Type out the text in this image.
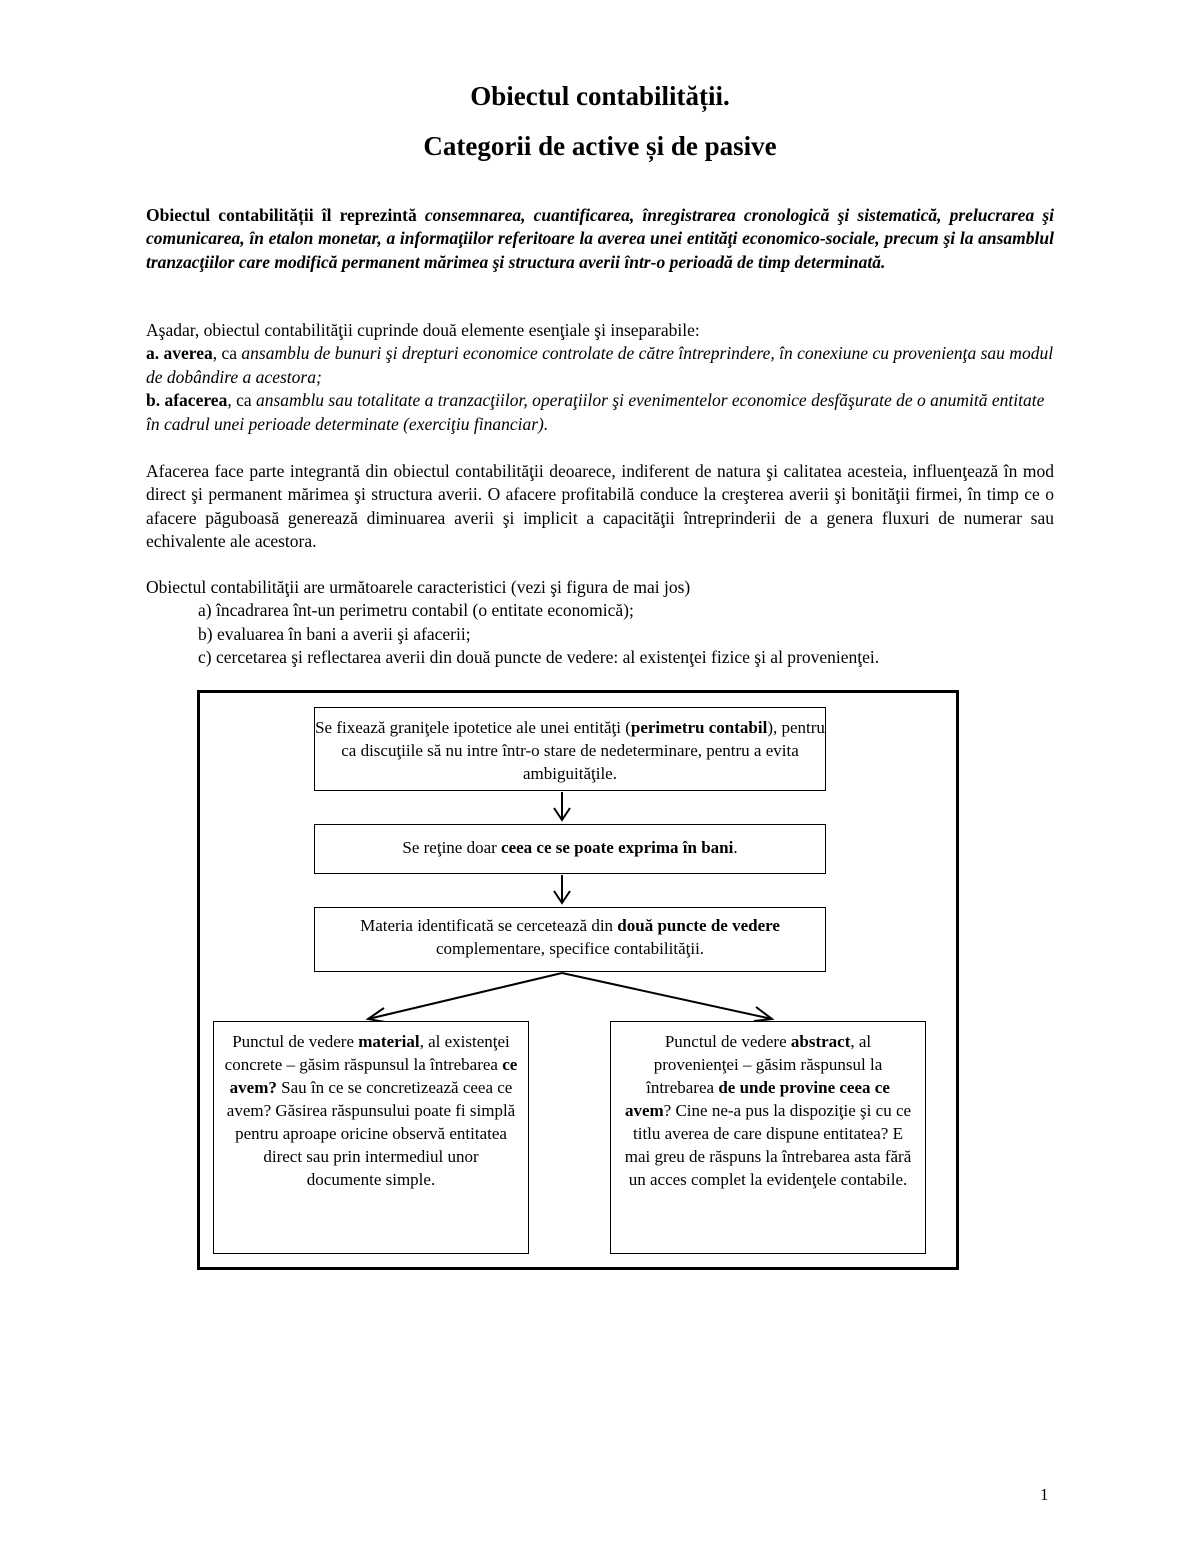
Obiectul contabilității.
Categorii de active și de pasive

Obiectul contabilității îl reprezintă consemnarea, cuantificarea, înregistrarea cronologică şi sistematică, prelucrarea şi comunicarea, în etalon monetar, a informaţiilor referitoare la averea unei entităţi economico-sociale, precum şi la ansamblul tranzacţiilor care modifică permanent mărimea şi structura averii într-o perioadă de timp determinată.

Aşadar, obiectul contabilităţii cuprinde două elemente esenţiale şi inseparabile:
a. averea, ca ansamblu de bunuri şi drepturi economice controlate de către întreprindere, în conexiune cu provenienţa sau modul de dobândire a acestora;
b. afacerea, ca ansamblu sau totalitate a tranzacţiilor, operaţiilor şi evenimentelor economice desfăşurate de o anumită entitate în cadrul unei perioade determinate (exerciţiu financiar).

Afacerea face parte integrantă din obiectul contabilităţii deoarece, indiferent de natura şi calitatea acesteia, influenţează în mod direct şi permanent mărimea şi structura averii. O afacere profitabilă conduce la creşterea averii şi bonităţii firmei, în timp ce o afacere păguboasă generează diminuarea averii şi implicit a capacităţii întreprinderii de a genera fluxuri de numerar sau echivalente ale acestora.

Obiectul contabilităţii are următoarele caracteristici (vezi şi figura de mai jos)
a) încadrarea înt-un perimetru contabil (o entitate economică);
b) evaluarea în bani a averii şi afacerii;
c) cercetarea şi reflectarea averii din două puncte de vedere: al existenţei fizice şi al provenienţei.

Se fixează graniţele ipotetice ale unei entităţi (perimetru contabil), pentru ca discuţiile să nu intre într-o stare de nedeterminare, pentru a evita ambiguităţile.
Se reţine doar ceea ce se poate exprima în bani.
Materia identificată se cercetează din două puncte de vedere complementare, specifice contabilităţii.
Punctul de vedere material, al existenţei concrete – găsim răspunsul la întrebarea ce avem? Sau în ce se concretizează ceea ce avem? Găsirea răspunsului poate fi simplă pentru aproape oricine observă entitatea direct sau prin intermediul unor documente simple.
Punctul de vedere abstract, al provenienţei – găsim răspunsul la întrebarea de unde provine ceea ce avem? Cine ne-a pus la dispoziţie şi cu ce titlu averea de care dispune entitatea? E mai greu de răspuns la întrebarea asta fără un acces complet la evidenţele contabile.
1
